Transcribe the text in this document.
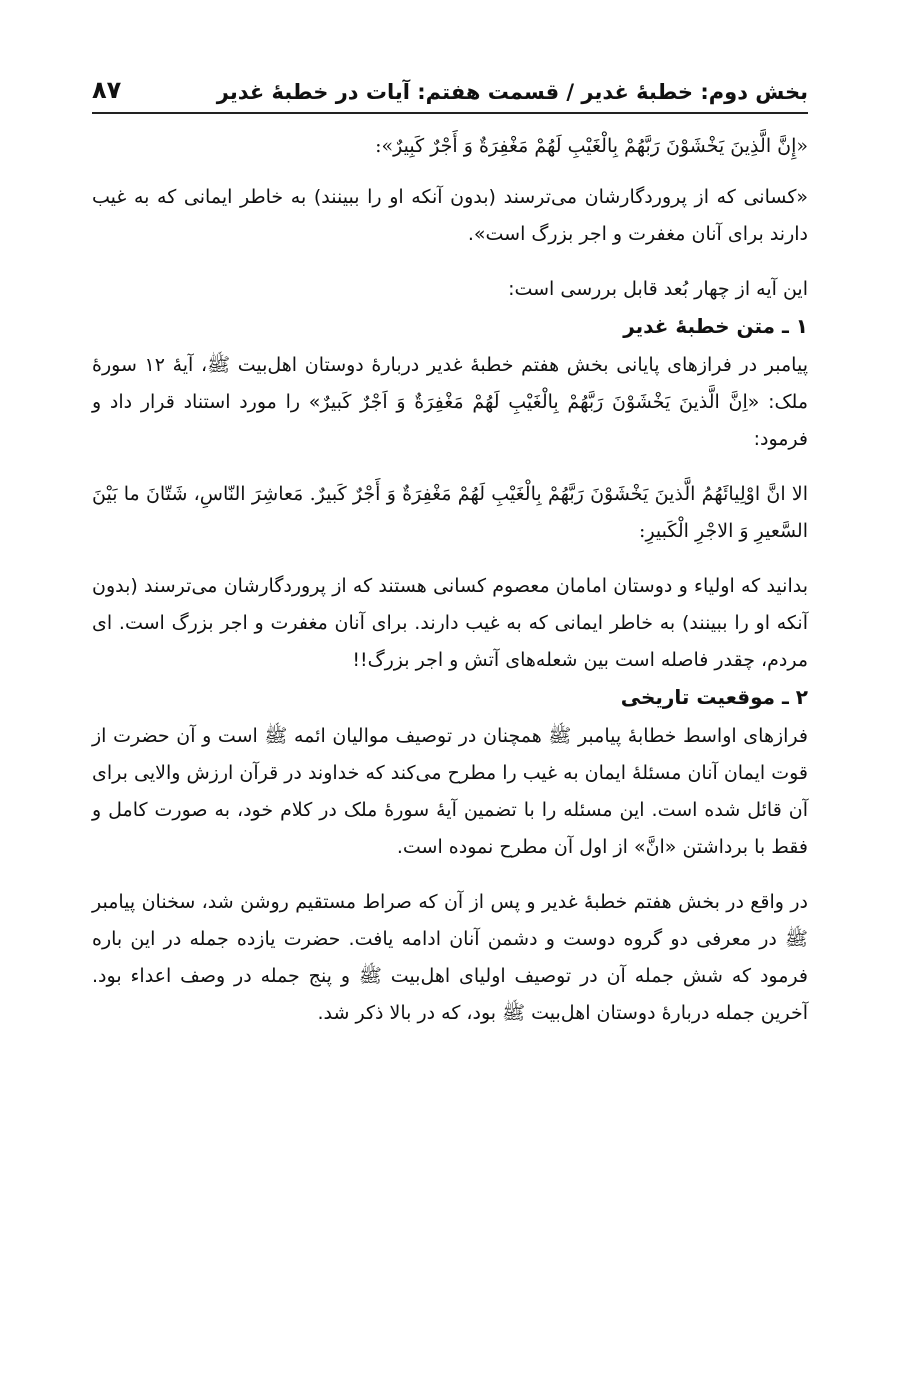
بخش دوم: خطبهٔ غدیر / قسمت هفتم: آیات در خطبهٔ غدیر
۸۷

«إِنَّ الَّذِينَ يَخْشَوْنَ رَبَّهُمْ بِالْغَيْبِ لَهُمْ مَغْفِرَةٌ وَ أَجْرٌ كَبِيرٌ»:

«کسانی که از پروردگارشان می‌ترسند (بدون آنکه او را ببینند) به خاطر ایمانی که به غیب دارند برای آنان مغفرت و اجر بزرگ است».

این آیه از چهار بُعد قابل بررسی است:

۱ ـ متن خطبهٔ غدیر

پیامبر در فرازهای پایانی بخش هفتم خطبهٔ غدیر دربارهٔ دوستان اهل‌بیت ﷺ، آیهٔ ۱۲ سورهٔ ملک: «اِنَّ الَّذينَ يَخْشَوْنَ رَبَّهُمْ بِالْغَيْبِ لَهُمْ مَغْفِرَةٌ وَ اَجْرٌ كَبيرٌ» را مورد استناد قرار داد و فرمود:

الا انَّ اوْلِيائَهُمُ الَّذينَ يَخْشَوْنَ رَبَّهُمْ بِالْغَيْبِ لَهُمْ مَغْفِرَةٌ وَ أَجْرٌ كَبيرٌ. مَعاشِرَ النّاسِ، شَتّانَ ما بَيْنَ السَّعيرِ وَ الاجْرِ الْكَبيرِ:

بدانید که اولیاء و دوستان امامان معصوم کسانی هستند که از پروردگارشان می‌ترسند (بدون آنکه او را ببینند) به خاطر ایمانی که به غیب دارند. برای آنان مغفرت و اجر بزرگ است. ای مردم، چقدر فاصله است بین شعله‌های آتش و اجر بزرگ!!

۲ ـ موقعیت تاریخی

فرازهای اواسط خطابهٔ پیامبر ﷺ همچنان در توصیف موالیان ائمه ﷺ است و آن حضرت از قوت ایمان آنان مسئلهٔ ایمان به غیب را مطرح می‌کند که خداوند در قرآن ارزش والایی برای آن قائل شده است. این مسئله را با تضمین آیهٔ سورهٔ ملک در کلام خود، به صورت کامل و فقط با برداشتن «انَّ» از اول آن مطرح نموده است.

در واقع در بخش هفتم خطبهٔ غدیر و پس از آن که صراط مستقیم روشن شد، سخنان پیامبر ﷺ در معرفی دو گروه دوست و دشمن آنان ادامه یافت. حضرت یازده جمله در این باره فرمود که شش جمله آن در توصیف اولیای اهل‌بیت ﷺ و پنج جمله در وصف اعداء بود. آخرین جمله دربارهٔ دوستان اهل‌بیت ﷺ بود، که در بالا ذکر شد.
